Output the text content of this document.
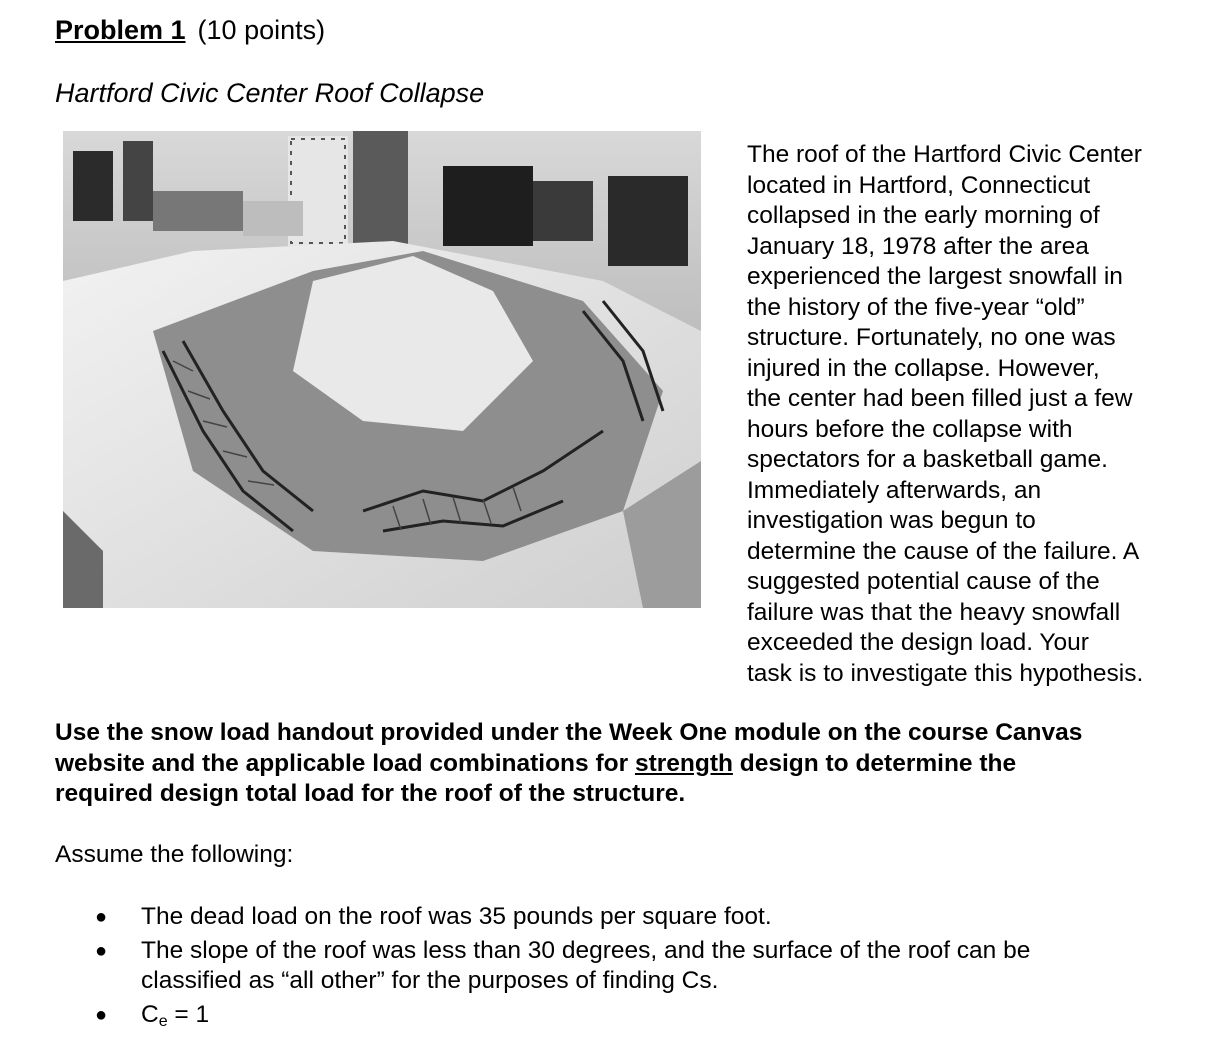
Problem 1 (10 points)
Hartford Civic Center Roof Collapse
The roof of the Hartford Civic Center
located in Hartford, Connecticut
collapsed in the early morning of
January 18, 1978 after the area
experienced the largest snowfall in
the history of the five-year “old”
structure. Fortunately, no one was
injured in the collapse. However,
the center had been filled just a few
hours before the collapse with
spectators for a basketball game.
Immediately afterwards, an
investigation was begun to
determine the cause of the failure. A
suggested potential cause of the
failure was that the heavy snowfall
exceeded the design load. Your
task is to investigate this hypothesis.
Use the snow load handout provided under the Week One module on the course Canvas
website and the applicable load combinations for strength design to determine the
required design total load for the roof of the structure.
Assume the following:
● The dead load on the roof was 35 pounds per square foot.
● The slope of the roof was less than 30 degrees, and the surface of the roof can be
classified as “all other” for the purposes of finding Cs.
● $C_e = 1$
